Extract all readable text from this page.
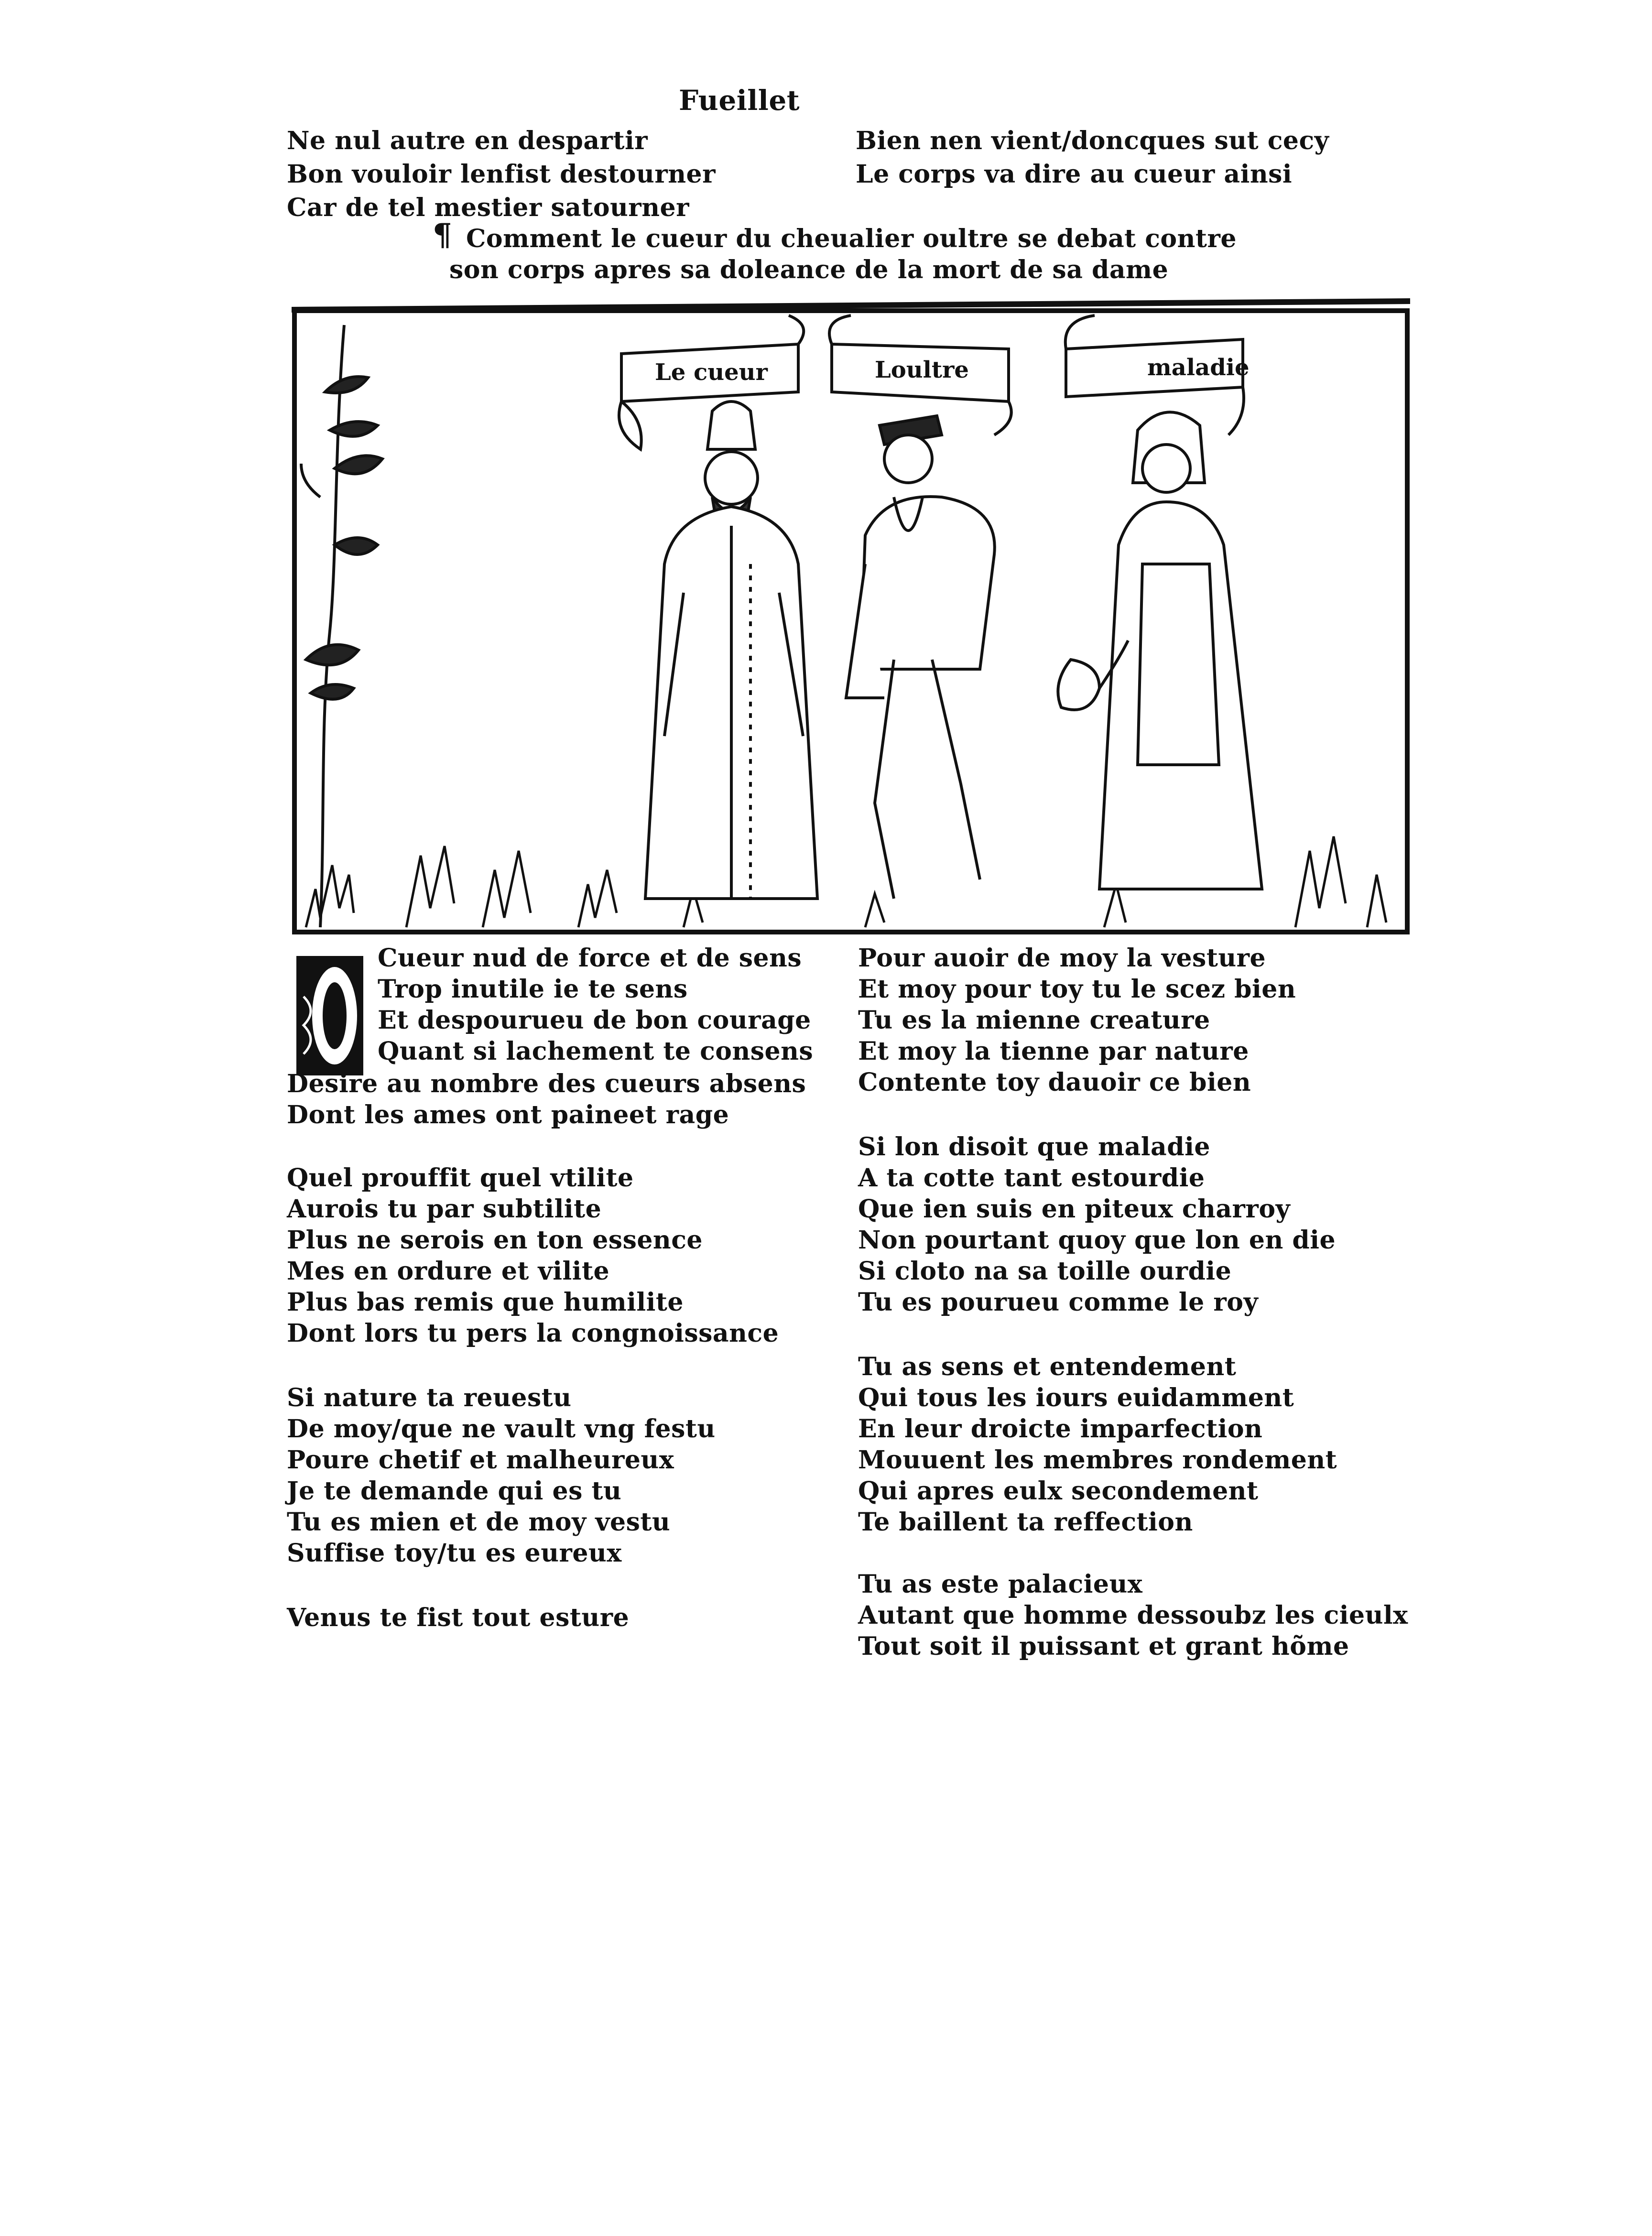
Fueillet
Ne nul autre en despartir
Bon vouloir lenfist destourner
Car de tel mestier satourner
Bien nen vient/doncques sut cecy
Le corps va dire au cueur ainsi
¶ Comment le cueur du cheualier oultre se debat contre
son corps apres sa doleance de la mort de sa dame
Le cueur	Loultre	maladie
Cueur nud de force et de sens
Trop inutile ie te sens
Et despourueu de bon courage
Quant si lachement te consens
Desire au nombre des cueurs absens
Dont les ames ont paineet rage
Quel prouffit quel vtilite
Aurois tu par subtilite
Plus ne serois en ton essence
Mes en ordure et vilite
Plus bas remis que humilite
Dont lors tu pers la congnoissance
Si nature ta reuestu
De moy/que ne vault vng festu
Poure chetif et malheureux
Je te demande qui es tu
Tu es mien et de moy vestu
Suffise toy/tu es eureux
Venus te fist tout esture
Pour auoir de moy la vesture
Et moy pour toy tu le scez bien
Tu es la mienne creature
Et moy la tienne par nature
Contente toy dauoir ce bien
Si lon disoit que maladie
A ta cotte tant estourdie
Que ien suis en piteux charroy
Non pourtant quoy que lon en die
Si cloto na sa toille ourdie
Tu es pourueu comme le roy
Tu as sens et entendement
Qui tous les iours euidamment
En leur droicte imparfection
Mouuent les membres rondement
Qui apres eulx secondement
Te baillent ta reffection
Tu as este palacieux
Autant que homme dessoubz les cieulx
Tout soit il puissant et grant hõme
